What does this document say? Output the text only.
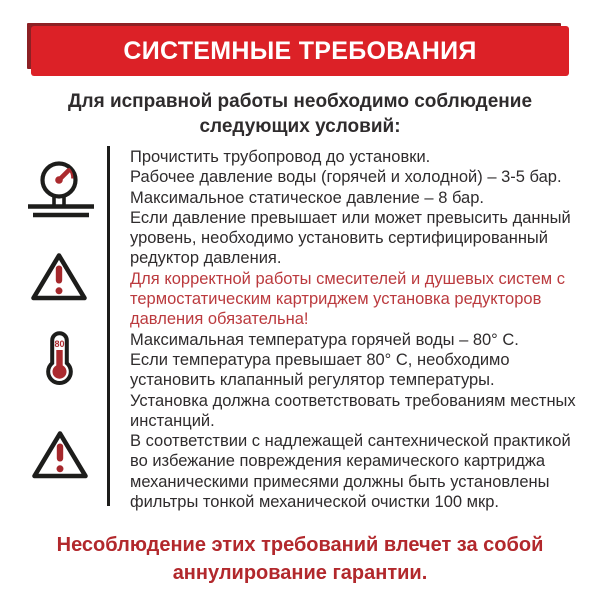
СИСТЕМНЫЕ ТРЕБОВАНИЯ

Для исправной работы необходимо соблюдение
следующих условий:

80

Прочистить трубопровод до установки.

Рабочее давление воды (горячей и холодной) – 3-5 бар.

Максимальное статическое давление – 8 бар.

Если давление превышает или может превысить данный уровень, необходимо установить сертифицированный редуктор давления.

Для корректной работы смесителей и душевых систем с термостатическим картриджем установка редукторов давления обязательна!

Максимальная температура горячей воды – 80° C.

Если температура превышает 80° C, необходимо установить клапанный регулятор температуры.

Установка должна соответствовать требованиям местных инстанций.

В соответствии с надлежащей сантехнической практикой во избежание повреждения керамического картриджа механическими примесями должны быть установлены фильтры тонкой механической очистки 100 мкр.

Несоблюдение этих требований влечет за собой
аннулирование гарантии.
